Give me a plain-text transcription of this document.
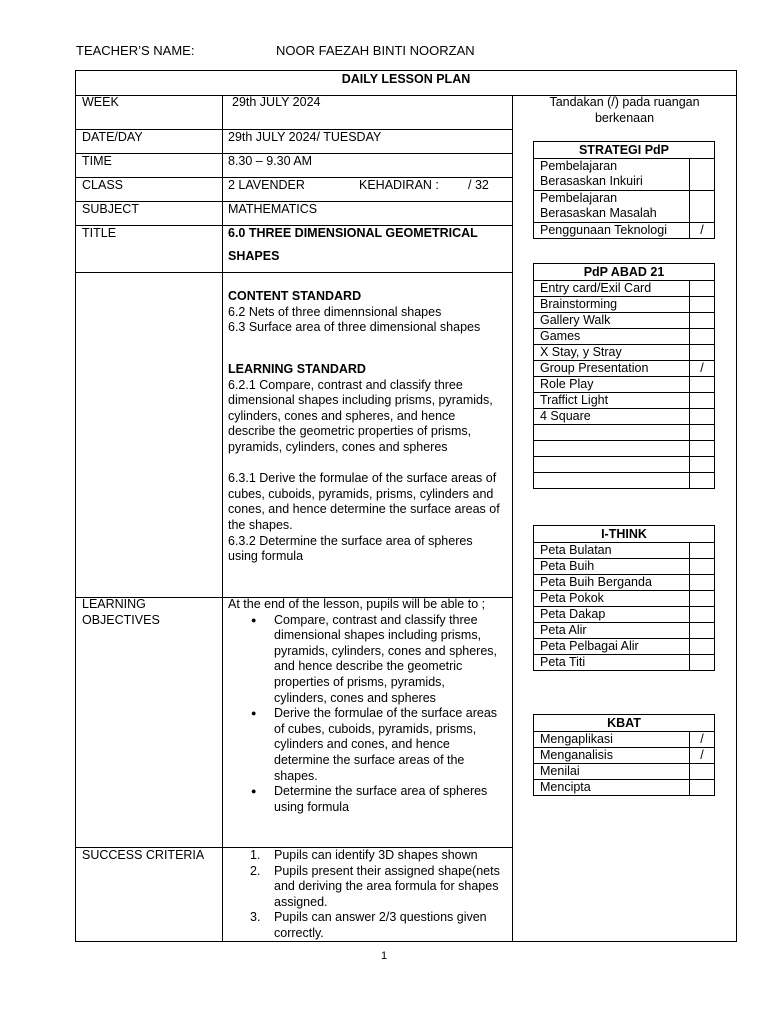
TEACHER’S NAME:	NOOR FAEZAH BINTI NOORZAN
DAILY LESSON PLAN
WEEK	29th JULY 2024
DATE/DAY	29th JULY 2024/ TUESDAY
TIME	8.30 – 9.30 AM
CLASS	2 LAVENDER	KEHADIRAN : / 32
SUBJECT	MATHEMATICS
TITLE	6.0 THREE DIMENSIONAL GEOMETRICAL
SHAPES
CONTENT STANDARD
6.2 Nets of three dimennsional shapes
6.3 Surface area of three dimensional shapes
LEARNING STANDARD
6.2.1 Compare, contrast and classify three
dimensional shapes including prisms, pyramids,
cylinders, cones and spheres, and hence
describe the geometric properties of prisms,
pyramids, cylinders, cones and spheres
6.3.1 Derive the formulae of the surface areas of
cubes, cuboids, pyramids, prisms, cylinders and
cones, and hence determine the surface areas of
the shapes.
6.3.2 Determine the surface area of spheres
using formula
LEARNING
OBJECTIVES
At the end of the lesson, pupils will be able to ;
● Compare, contrast and classify three
dimensional shapes including prisms,
pyramids, cylinders, cones and spheres,
and hence describe the geometric
properties of prisms, pyramids,
cylinders, cones and spheres
● Derive the formulae of the surface areas
of cubes, cuboids, pyramids, prisms,
cylinders and cones, and hence
determine the surface areas of the
shapes.
● Determine the surface area of spheres
using formula
SUCCESS CRITERIA	1. Pupils can identify 3D shapes shown
2. Pupils present their assigned shape(nets
and deriving the area formula for shapes
assigned.
3. Pupils can answer 2/3 questions given
correctly.
Tandakan (/) pada ruangan
berkenaan
STRATEGI PdP	

Pembelajaran
Berasaskan Inkuiri	

Pembelajaran
Berasaskan Masalah	

Penggunaan Teknologi	/
PdP ABAD 21	
Entry card/Exil Card	
Brainstorming	
Gallery Walk	
Games	
X Stay, y Stray	
Group Presentation	/
Role Play	
Traffict Light	
4 Square	

I-THINK	
Peta Bulatan	
Peta Buih	
Peta Buih Berganda	
Peta Pokok	
Peta Dakap	
Peta Alir	
Peta Pelbagai Alir	
Peta Titi	
KBAT	
Mengaplikasi	/
Menganalisis	/
Menilai	
Mencipta	
1
